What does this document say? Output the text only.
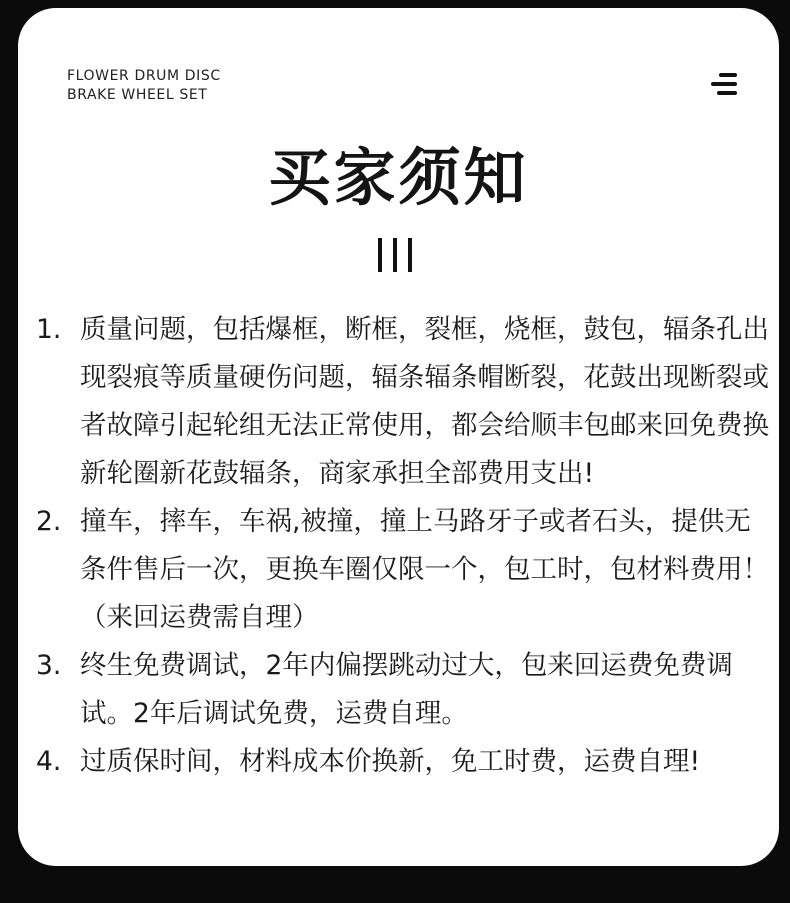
FLOWER DRUM DISC
BRAKE WHEEL SET
买家须知
1. 质量问题，包括爆框，断框，裂框，烧框，鼓包，辐条孔出现裂痕等质量硬伤问题，辐条辐条帽断裂，花鼓出现断裂或者故障引起轮组无法正常使用，都会给顺丰包邮来回免费换新轮圈新花鼓辐条，商家承担全部费用支出!
2. 撞车，摔车，车祸,被撞，撞上马路牙子或者石头，提供无条件售后一次，更换车圈仅限一个，包工时，包材料费用！（来回运费需自理）
3. 终生免费调试，2年内偏摆跳动过大，包来回运费免费调试。2年后调试免费，运费自理。
4. 过质保时间，材料成本价换新，免工时费，运费自理!
